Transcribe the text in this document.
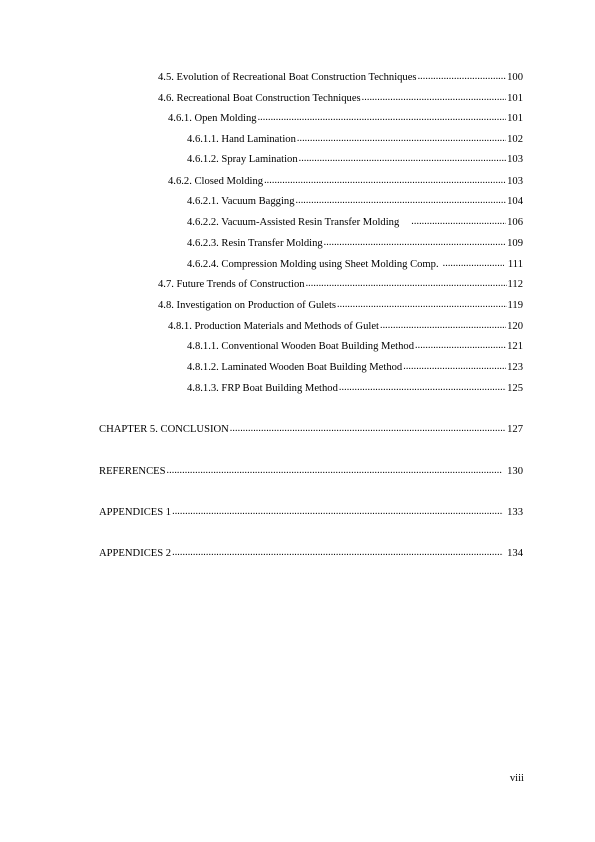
4.5. Evolution of Recreational Boat Construction Techniques . . .	100
4.6. Recreational Boat Construction Techniques . . .	101
4.6.1. Open Molding . . .	101
4.6.1.1. Hand Lamination . . .	102
4.6.1.2. Spray Lamination . . .	103
4.6.2. Closed Molding . . .	103
4.6.2.1. Vacuum Bagging . . .	104
4.6.2.2. Vacuum-Assisted Resin Transfer Molding . . .	106
4.6.2.3. Resin Transfer Molding . . .	109
4.6.2.4. Compression Molding using Sheet Molding Comp. . . .	111
4.7. Future Trends of Construction . . .	112
4.8. Investigation on Production of Gulets . . .	119
4.8.1. Production Materials and Methods of Gulet . . .	120
4.8.1.1. Conventional Wooden Boat Building Method . . .	121
4.8.1.2. Laminated Wooden Boat Building Method . . .	123
4.8.1.3. FRP Boat Building Method . . .	125
CHAPTER 5. CONCLUSION . . .	127
REFERENCES . . .	130
APPENDICES 1 . . .	133
APPENDICES 2 . . .	134
viii
